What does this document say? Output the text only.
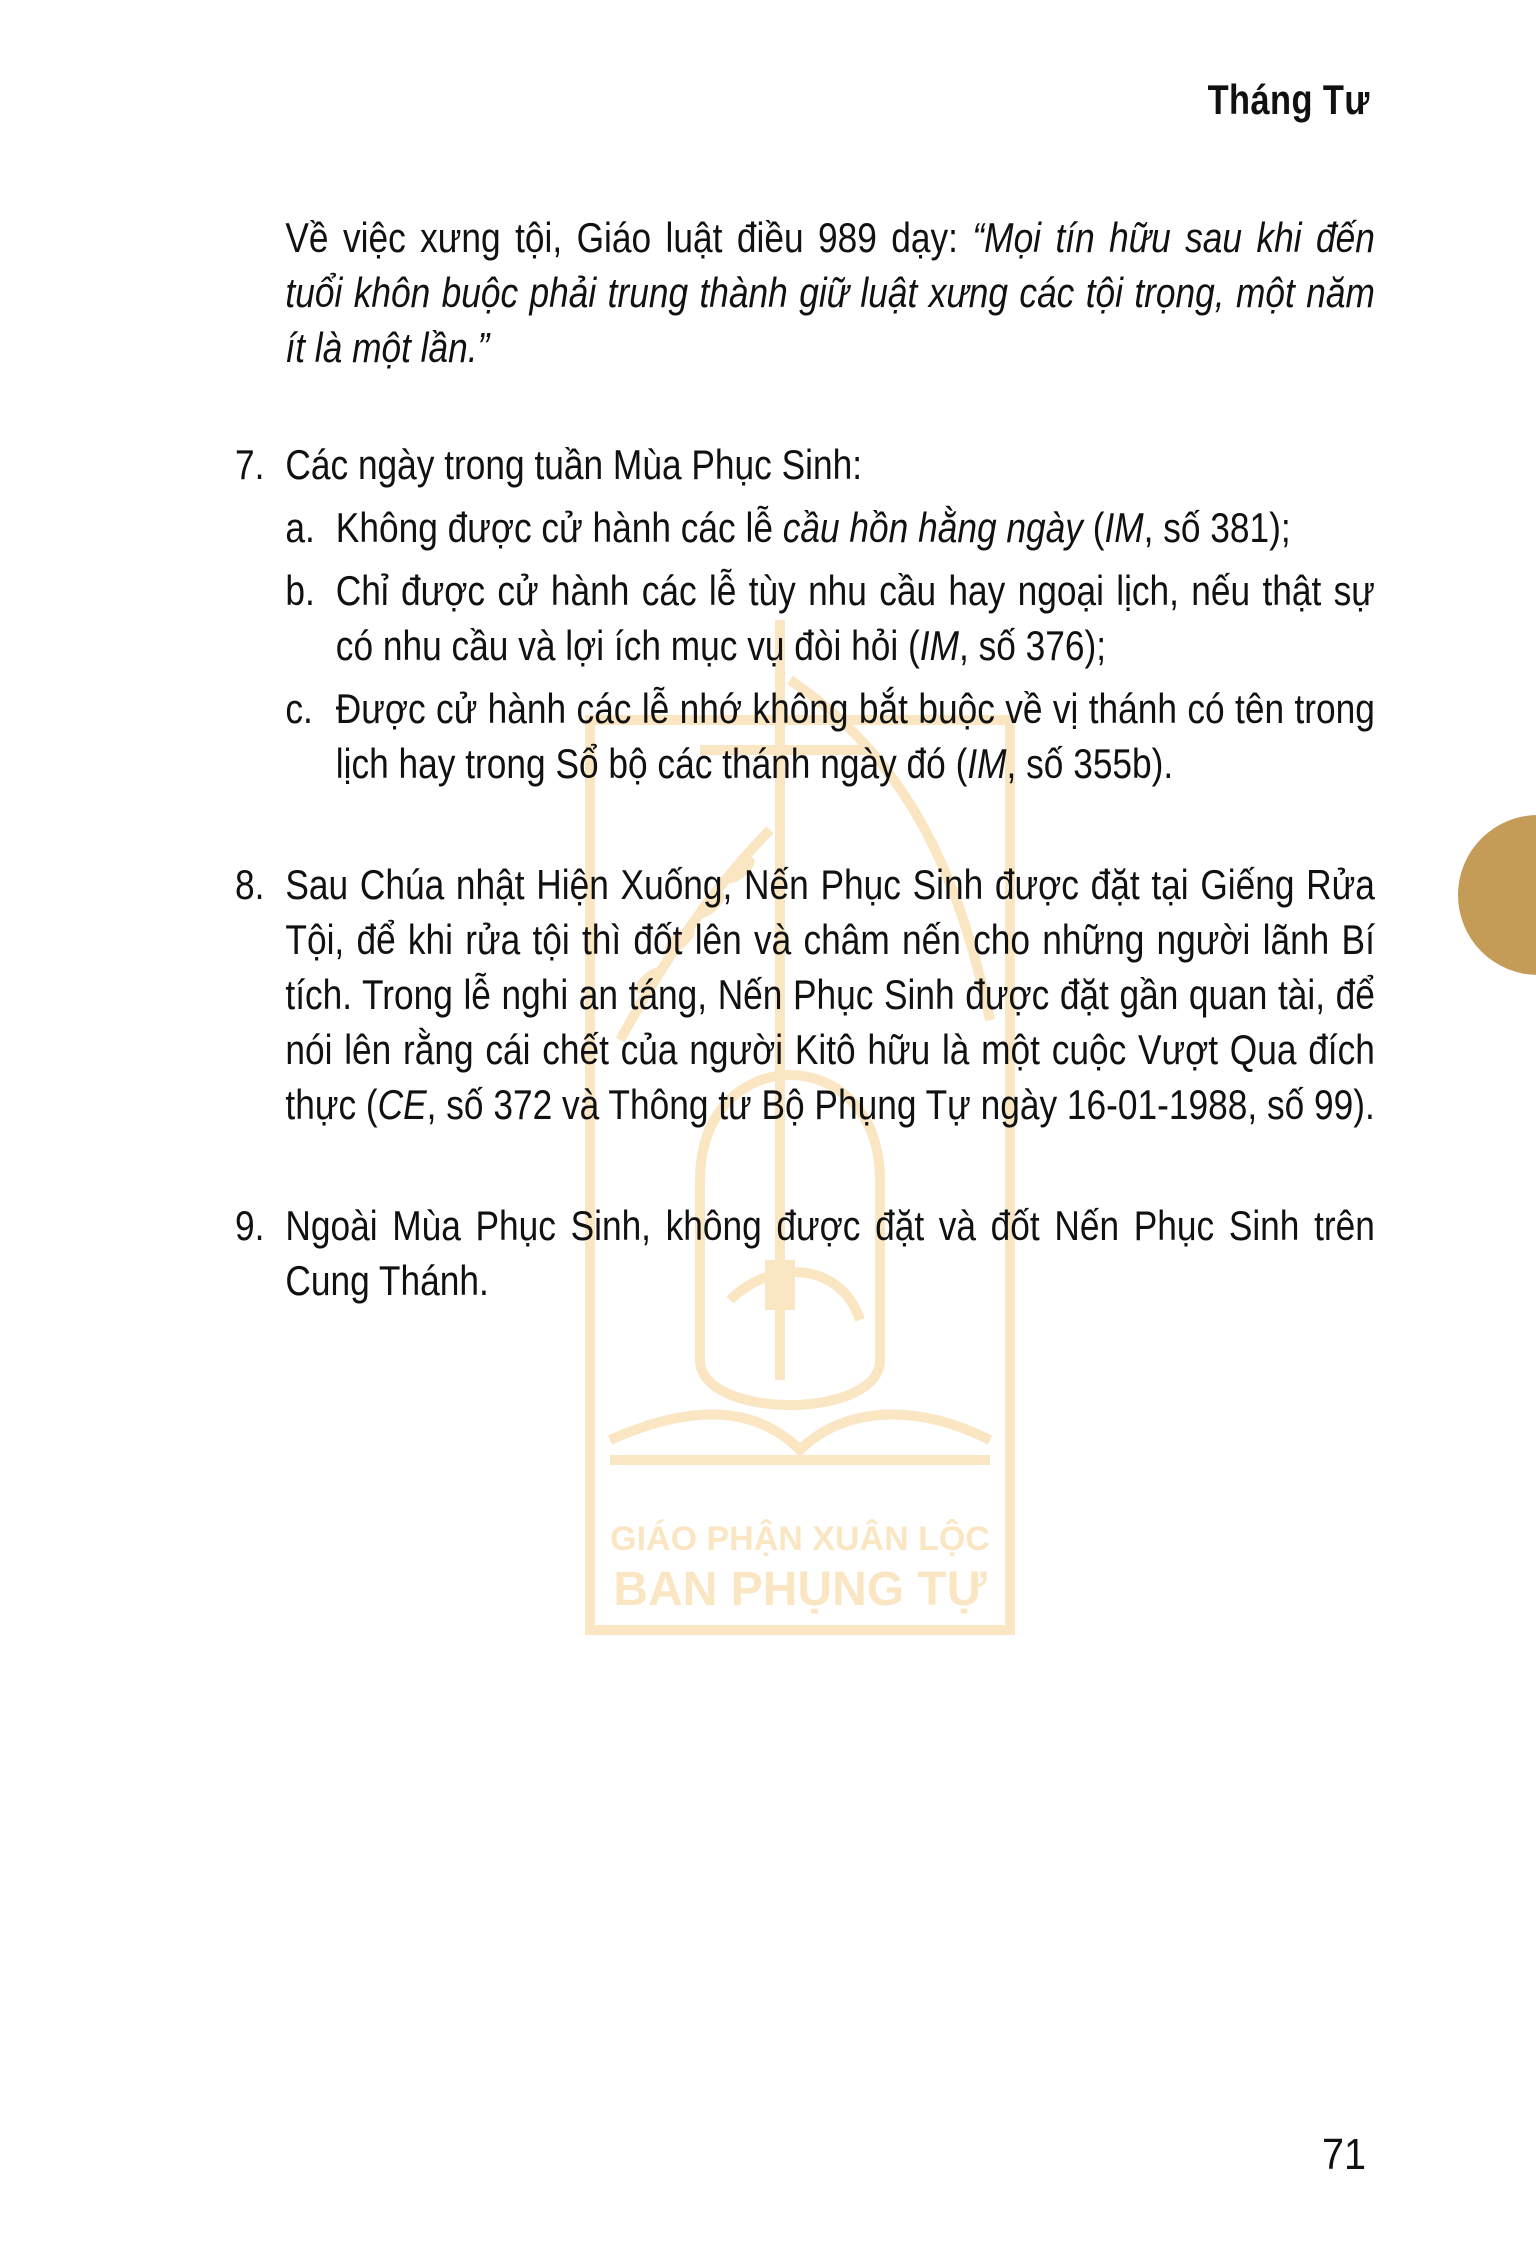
Tháng Tư
GIÁO PHẬN XUÂN LỘC
BAN PHỤNG TỰ

Về việc xưng tội, Giáo luật điều 989 dạy: “Mọi tín hữu sau khi đến tuổi khôn buộc phải trung thành giữ luật xưng các tội trọng, một năm ít là một lần.”

7. Các ngày trong tuần Mùa Phục Sinh:

a. Không được cử hành các lễ cầu hồn hằng ngày (IM, số 381);

b. Chỉ được cử hành các lễ tùy nhu cầu hay ngoại lịch, nếu thật sự có nhu cầu và lợi ích mục vụ đòi hỏi (IM, số 376);

c. Được cử hành các lễ nhớ không bắt buộc về vị thánh có tên trong lịch hay trong Sổ bộ các thánh ngày đó (IM, số 355b).

8. Sau Chúa nhật Hiện Xuống, Nến Phục Sinh được đặt tại Giếng Rửa Tội, để khi rửa tội thì đốt lên và châm nến cho những người lãnh Bí tích. Trong lễ nghi an táng, Nến Phục Sinh được đặt gần quan tài, để nói lên rằng cái chết của người Kitô hữu là một cuộc Vượt Qua đích thực (CE, số 372 và Thông tư Bộ Phụng Tự ngày 16-01-1988, số 99).

9. Ngoài Mùa Phục Sinh, không được đặt và đốt Nến Phục Sinh trên Cung Thánh.

71
